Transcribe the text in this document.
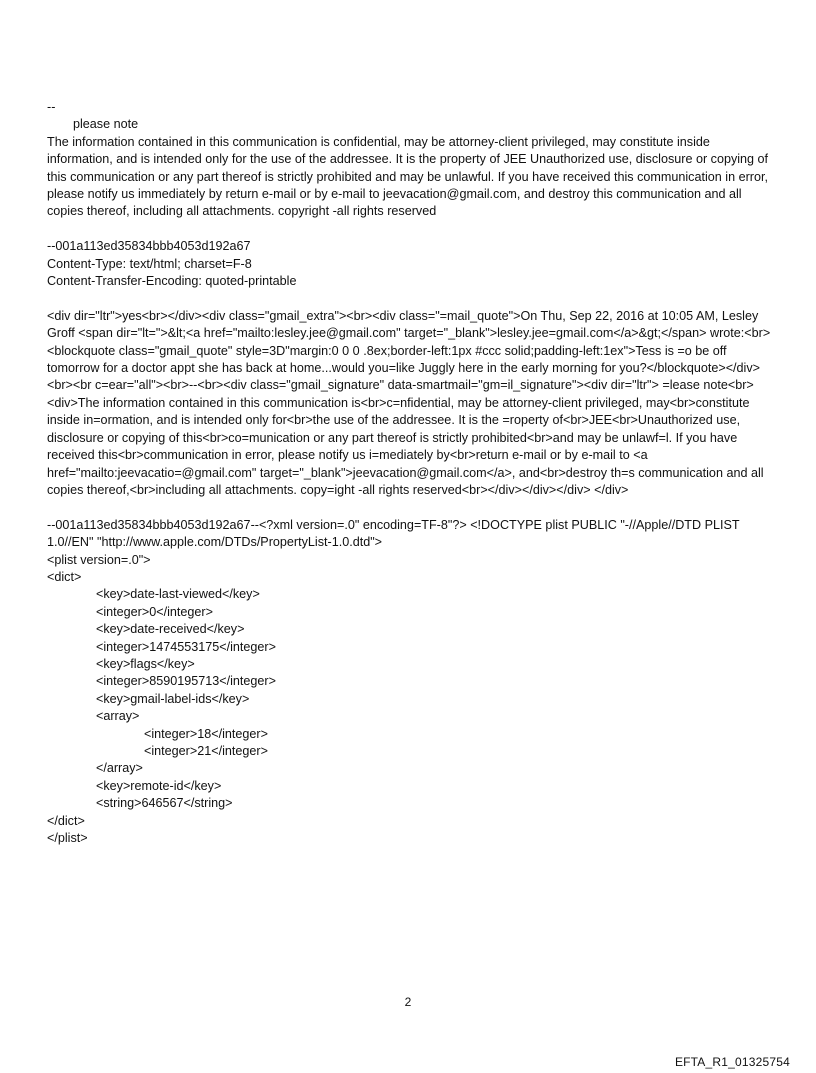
--
please note
The information contained in this communication is confidential, may be attorney-client privileged, may constitute inside information, and is intended only for the use of the addressee. It is the property of JEE Unauthorized use, disclosure or copying of this communication or any part thereof is strictly prohibited and may be unlawful. If you have received this communication in error, please notify us immediately by return e-mail or by e-mail to jeevacation@gmail.com, and destroy this communication and all copies thereof, including all attachments. copyright -all rights reserved
--001a113ed35834bbb4053d192a67
Content-Type: text/html; charset=F-8
Content-Transfer-Encoding: quoted-printable
<div dir="ltr">yes<br></div><div class="gmail_extra"><br><div class="=mail_quote">On Thu, Sep 22, 2016 at 10:05 AM, Lesley Groff <span dir="lt=">&lt;<a href="mailto:lesley.jee@gmail.com" target="_blank">lesley.jee=gmail.com</a>&gt;</span> wrote:<br><blockquote class="gmail_quote" style=3D"margin:0 0 0 .8ex;border-left:1px #ccc solid;padding-left:1ex">Tess is =o be off tomorrow for a doctor appt she has back at home...would you=like Juggly here in the early morning for you?</blockquote></div><br><br c=ear="all"><br>--<br><div class="gmail_signature" data-smartmail="gm=il_signature"><div dir="ltr"> =lease note<br><div>The information contained in this communication is<br>c=nfidential, may be attorney-client privileged, may<br>constitute inside in=ormation, and is intended only for<br>the use of the addressee. It is the =roperty of<br>JEE<br>Unauthorized use, disclosure or copying of this<br>co=munication or any part thereof is strictly prohibited<br>and may be unlawf=l. If you have received this<br>communication in error, please notify us i=mediately by<br>return e-mail or by e-mail to <a href="mailto:jeevacatio=@gmail.com" target="_blank">jeevacation@gmail.com</a>, and<br>destroy th=s communication and all copies thereof,<br>including all attachments. copy=ight -all rights reserved<br></div></div></div> </div>
--001a113ed35834bbb4053d192a67--<?xml version=.0" encoding=TF-8"?> <!DOCTYPE plist PUBLIC "-//Apple//DTD PLIST 1.0//EN" "http://www.apple.com/DTDs/PropertyList-1.0.dtd">
<plist version=.0">
<dict>
<key>date-last-viewed</key>
<integer>0</integer>
<key>date-received</key>
<integer>1474553175</integer>
<key>flags</key>
<integer>8590195713</integer>
<key>gmail-label-ids</key>
<array>
<integer>18</integer>
<integer>21</integer>
</array>
<key>remote-id</key>
<string>646567</string>
</dict>
</plist>
2
EFTA_R1_01325754
